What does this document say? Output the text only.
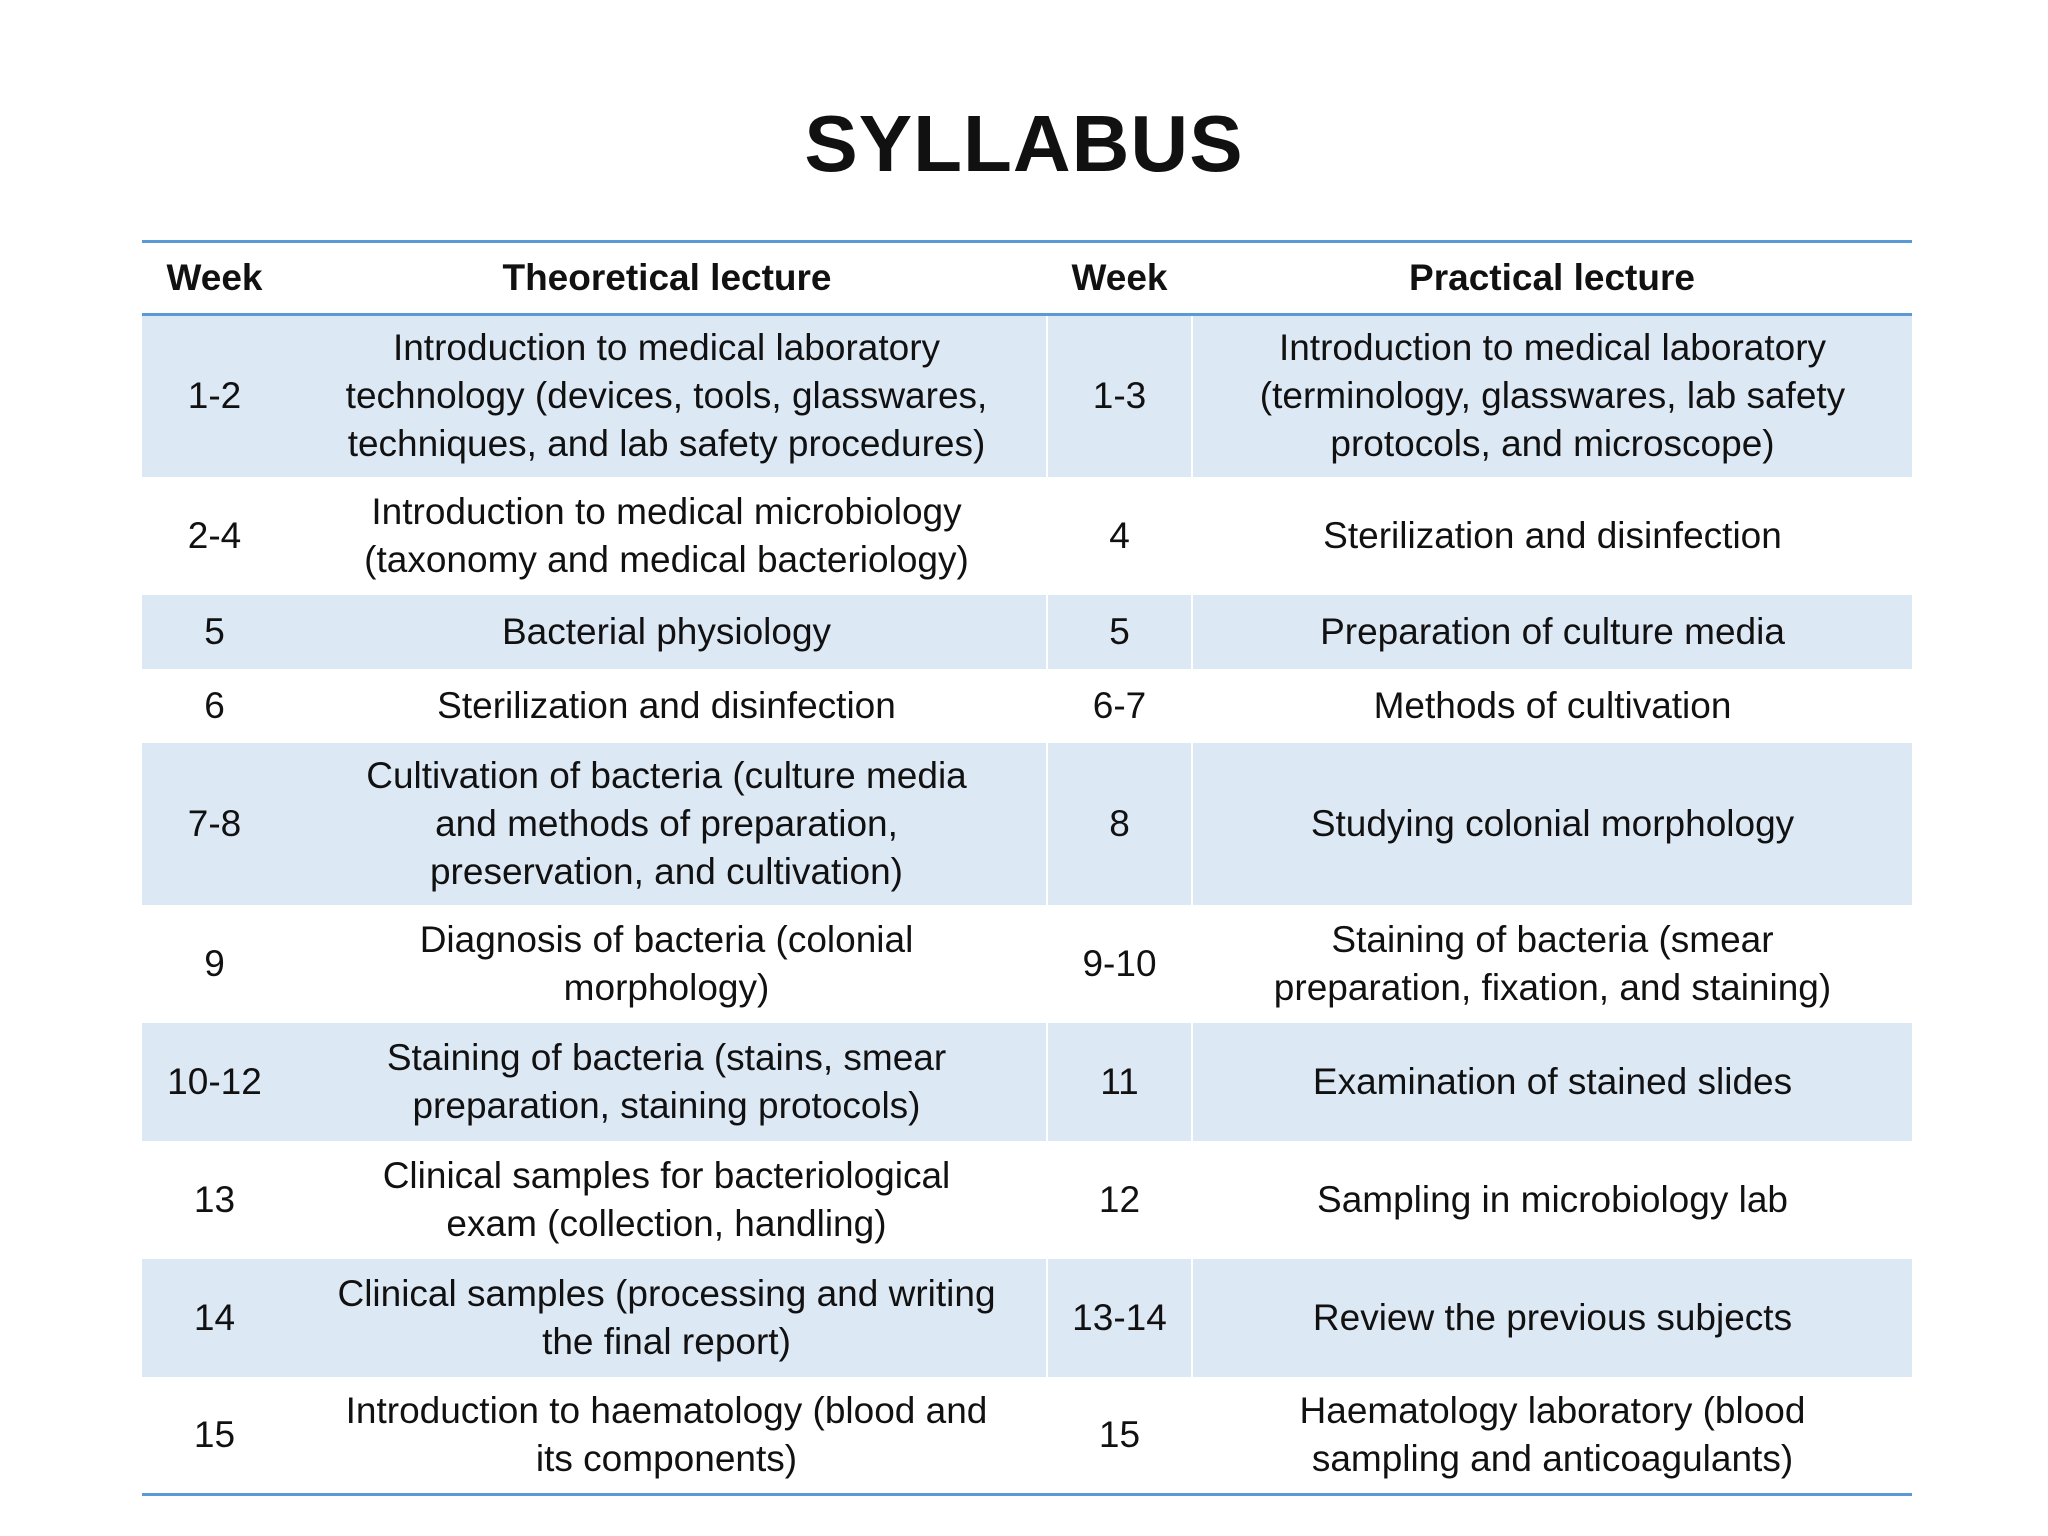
SYLLABUS
Week	Theoretical lecture	Week	Practical lecture
1-2	Introduction to medical laboratory
technology (devices, tools, glasswares,
techniques, and lab safety procedures)	1-3	Introduction to medical laboratory
(terminology, glasswares, lab safety
protocols, and microscope)
2-4	Introduction to medical microbiology
(taxonomy and medical bacteriology)	4	Sterilization and disinfection
5	Bacterial physiology	5	Preparation of culture media
6	Sterilization and disinfection	6-7	Methods of cultivation
7-8	Cultivation of bacteria (culture media
and methods of preparation,
preservation, and cultivation)	8	Studying colonial morphology
9	Diagnosis of bacteria (colonial
morphology)	9-10	Staining of bacteria (smear
preparation, fixation, and staining)
10-12	Staining of bacteria (stains, smear
preparation, staining protocols)	11	Examination of stained slides
13	Clinical samples for bacteriological
exam (collection, handling)	12	Sampling in microbiology lab
14	Clinical samples (processing and writing
the final report)	13-14	Review the previous subjects
15	Introduction to haematology (blood and
its components)	15	Haematology laboratory (blood
sampling and anticoagulants)
